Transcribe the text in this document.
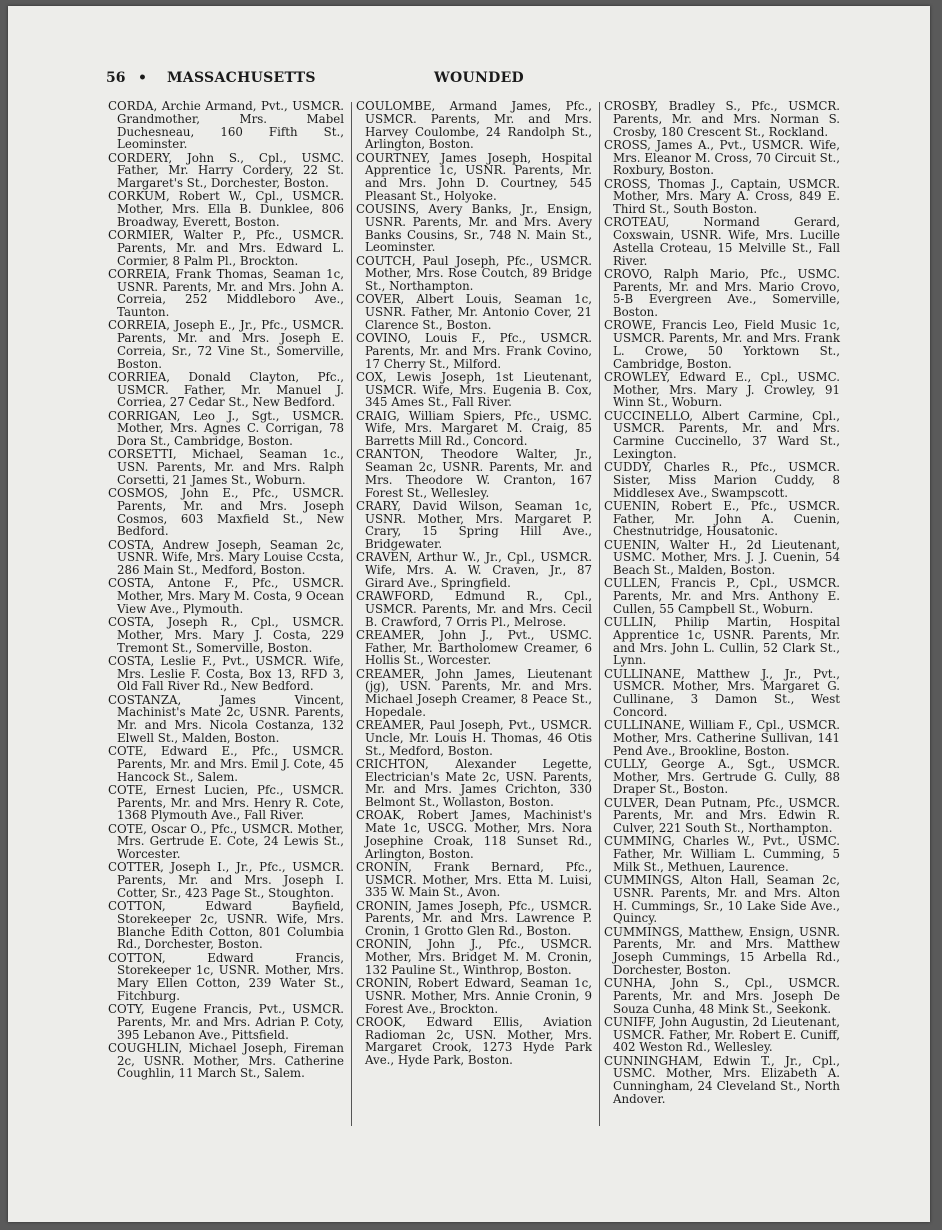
56 • MASSACHUSETTS	WOUNDED
CORDA, Archie Armand, Pvt., USMCR. Grandmother, Mrs. Mabel Duchesneau, 160 Fifth St., Leominster.
CORDERY, John S., Cpl., USMC. Father, Mr. Harry Cordery, 22 St. Margaret's St., Dorchester, Boston.
CORKUM, Robert W., Cpl., USMCR. Mother, Mrs. Ella B. Dunklee, 806 Broadway, Everett, Boston.
CORMIER, Walter P., Pfc., USMCR. Parents, Mr. and Mrs. Edward L. Cormier, 8 Palm Pl., Brockton.
CORREIA, Frank Thomas, Seaman 1c, USNR. Parents, Mr. and Mrs. John A. Correia, 252 Middleboro Ave., Taunton.
CORREIA, Joseph E., Jr., Pfc., USMCR. Parents, Mr. and Mrs. Joseph E. Correia, Sr., 72 Vine St., Somerville, Boston.
CORRIEA, Donald Clayton, Pfc., USMCR. Father, Mr. Manuel J. Corriea, 27 Cedar St., New Bedford.
CORRIGAN, Leo J., Sgt., USMCR. Mother, Mrs. Agnes C. Corrigan, 78 Dora St., Cambridge, Boston.
CORSETTI, Michael, Seaman 1c., USN. Parents, Mr. and Mrs. Ralph Corsetti, 21 James St., Woburn.
COSMOS, John E., Pfc., USMCR. Parents, Mr. and Mrs. Joseph Cosmos, 603 Maxfield St., New Bedford.
COSTA, Andrew Joseph, Seaman 2c, USNR. Wife, Mrs. Mary Louise Ccsta, 286 Main St., Medford, Boston.
COSTA, Antone F., Pfc., USMCR. Mother, Mrs. Mary M. Costa, 9 Ocean View Ave., Plymouth.
COSTA, Joseph R., Cpl., USMCR. Mother, Mrs. Mary J. Costa, 229 Tremont St., Somerville, Boston.
COSTA, Leslie F., Pvt., USMCR. Wife, Mrs. Leslie F. Costa, Box 13, RFD 3, Old Fall River Rd., New Bedford.
COSTANZA, James Vincent, Machinist's Mate 2c, USNR. Parents, Mr. and Mrs. Nicola Costanza, 132 Elwell St., Malden, Boston.
COTE, Edward E., Pfc., USMCR. Parents, Mr. and Mrs. Emil J. Cote, 45 Hancock St., Salem.
COTE, Ernest Lucien, Pfc., USMCR. Parents, Mr. and Mrs. Henry R. Cote, 1368 Plymouth Ave., Fall River.
COTE, Oscar O., Pfc., USMCR. Mother, Mrs. Gertrude E. Cote, 24 Lewis St., Worcester.
COTTER, Joseph I., Jr., Pfc., USMCR. Parents, Mr. and Mrs. Joseph I. Cotter, Sr., 423 Page St., Stoughton.
COTTON, Edward Bayfield, Storekeeper 2c, USNR. Wife, Mrs. Blanche Edith Cotton, 801 Columbia Rd., Dorchester, Boston.
COTTON, Edward Francis, Storekeeper 1c, USNR. Mother, Mrs. Mary Ellen Cotton, 239 Water St., Fitchburg.
COTY, Eugene Francis, Pvt., USMCR. Parents, Mr. and Mrs. Adrian P. Coty, 395 Lebanon Ave., Pittsfield.
COUGHLIN, Michael Joseph, Fireman 2c, USNR. Mother, Mrs. Catherine Coughlin, 11 March St., Salem.
COULOMBE, Armand James, Pfc., USMCR. Parents, Mr. and Mrs. Harvey Coulombe, 24 Randolph St., Arlington, Boston.
COURTNEY, James Joseph, Hospital Apprentice 1c, USNR. Parents, Mr. and Mrs. John D. Courtney, 545 Pleasant St., Holyoke.
COUSINS, Avery Banks, Jr., Ensign, USNR. Parents, Mr. and Mrs. Avery Banks Cousins, Sr., 748 N. Main St., Leominster.
COUTCH, Paul Joseph, Pfc., USMCR. Mother, Mrs. Rose Coutch, 89 Bridge St., Northampton.
COVER, Albert Louis, Seaman 1c, USNR. Father, Mr. Antonio Cover, 21 Clarence St., Boston.
COVINO, Louis F., Pfc., USMCR. Parents, Mr. and Mrs. Frank Covino, 17 Cherry St., Milford.
COX, Lewis Joseph, 1st Lieutenant, USMCR. Wife, Mrs. Eugenia B. Cox, 345 Ames St., Fall River.
CRAIG, William Spiers, Pfc., USMC. Wife, Mrs. Margaret M. Craig, 85 Barretts Mill Rd., Concord.
CRANTON, Theodore Walter, Jr., Seaman 2c, USNR. Parents, Mr. and Mrs. Theodore W. Cranton, 167 Forest St., Wellesley.
CRARY, David Wilson, Seaman 1c, USNR. Mother, Mrs. Margaret P. Crary, 15 Spring Hill Ave., Bridgewater.
CRAVEN, Arthur W., Jr., Cpl., USMCR. Wife, Mrs. A. W. Craven, Jr., 87 Girard Ave., Springfield.
CRAWFORD, Edmund R., Cpl., USMCR. Parents, Mr. and Mrs. Cecil B. Crawford, 7 Orris Pl., Melrose.
CREAMER, John J., Pvt., USMC. Father, Mr. Bartholomew Creamer, 6 Hollis St., Worcester.
CREAMER, John James, Lieutenant (jg), USN. Parents, Mr. and Mrs. Michael Joseph Creamer, 8 Peace St., Hopedale.
CREAMER, Paul Joseph, Pvt., USMCR. Uncle, Mr. Louis H. Thomas, 46 Otis St., Medford, Boston.
CRICHTON, Alexander Legette, Electrician's Mate 2c, USN. Parents, Mr. and Mrs. James Crichton, 330 Belmont St., Wollaston, Boston.
CROAK, Robert James, Machinist's Mate 1c, USCG. Mother, Mrs. Nora Josephine Croak, 118 Sunset Rd., Arlington, Boston.
CRONIN, Frank Bernard, Pfc., USMCR. Mother, Mrs. Etta M. Luisi, 335 W. Main St., Avon.
CRONIN, James Joseph, Pfc., USMCR. Parents, Mr. and Mrs. Lawrence P. Cronin, 1 Grotto Glen Rd., Boston.
CRONIN, John J., Pfc., USMCR. Mother, Mrs. Bridget M. M. Cronin, 132 Pauline St., Winthrop, Boston.
CRONIN, Robert Edward, Seaman 1c, USNR. Mother, Mrs. Annie Cronin, 9 Forest Ave., Brockton.
CROOK, Edward Ellis, Aviation Radioman 2c, USN. Mother, Mrs. Margaret Crook, 1273 Hyde Park Ave., Hyde Park, Boston.
CROSBY, Bradley S., Pfc., USMCR. Parents, Mr. and Mrs. Norman S. Crosby, 180 Crescent St., Rockland.
CROSS, James A., Pvt., USMCR. Wife, Mrs. Eleanor M. Cross, 70 Circuit St., Roxbury, Boston.
CROSS, Thomas J., Captain, USMCR. Mother, Mrs. Mary A. Cross, 849 E. Third St., South Boston.
CROTEAU, Normand Gerard, Coxswain, USNR. Wife, Mrs. Lucille Astella Croteau, 15 Melville St., Fall River.
CROVO, Ralph Mario, Pfc., USMC. Parents, Mr. and Mrs. Mario Crovo, 5-B Evergreen Ave., Somerville, Boston.
CROWE, Francis Leo, Field Music 1c, USMCR. Parents, Mr. and Mrs. Frank L. Crowe, 50 Yorktown St., Cambridge, Boston.
CROWLEY, Edward E., Cpl., USMC. Mother, Mrs. Mary J. Crowley, 91 Winn St., Woburn.
CUCCINELLO, Albert Carmine, Cpl., USMCR. Parents, Mr. and Mrs. Carmine Cuccinello, 37 Ward St., Lexington.
CUDDY, Charles R., Pfc., USMCR. Sister, Miss Marion Cuddy, 8 Middlesex Ave., Swampscott.
CUENIN, Robert E., Pfc., USMCR. Father, Mr. John A. Cuenin, Chestnutridge, Housatonic.
CUENIN, Walter H., 2d Lieutenant, USMC. Mother, Mrs. J. J. Cuenin, 54 Beach St., Malden, Boston.
CULLEN, Francis P., Cpl., USMCR. Parents, Mr. and Mrs. Anthony E. Cullen, 55 Campbell St., Woburn.
CULLIN, Philip Martin, Hospital Apprentice 1c, USNR. Parents, Mr. and Mrs. John L. Cullin, 52 Clark St., Lynn.
CULLINANE, Matthew J., Jr., Pvt., USMCR. Mother, Mrs. Margaret G. Cullinane, 3 Damon St., West Concord.
CULLINANE, William F., Cpl., USMCR. Mother, Mrs. Catherine Sullivan, 141 Pend Ave., Brookline, Boston.
CULLY, George A., Sgt., USMCR. Mother, Mrs. Gertrude G. Cully, 88 Draper St., Boston.
CULVER, Dean Putnam, Pfc., USMCR. Parents, Mr. and Mrs. Edwin R. Culver, 221 South St., Northampton.
CUMMING, Charles W., Pvt., USMC. Father, Mr. William L. Cumming, 5 Milk St., Methuen, Laurence.
CUMMINGS, Alton Hall, Seaman 2c, USNR. Parents, Mr. and Mrs. Alton H. Cummings, Sr., 10 Lake Side Ave., Quincy.
CUMMINGS, Matthew, Ensign, USNR. Parents, Mr. and Mrs. Matthew Joseph Cummings, 15 Arbella Rd., Dorchester, Boston.
CUNHA, John S., Cpl., USMCR. Parents, Mr. and Mrs. Joseph De Souza Cunha, 48 Mink St., Seekonk.
CUNIFF, John Augustin, 2d Lieutenant, USMCR. Father, Mr. Robert E. Cuniff, 402 Weston Rd., Wellesley.
CUNNINGHAM, Edwin T., Jr., Cpl., USMC. Mother, Mrs. Elizabeth A. Cunningham, 24 Cleveland St., North Andover.
